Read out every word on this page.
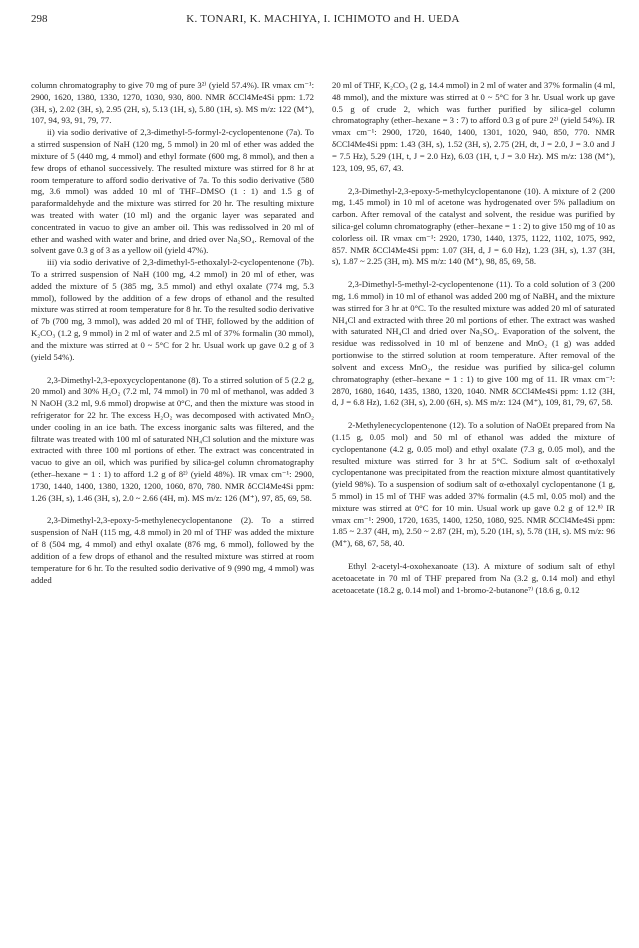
298	K. TONARI, K. MACHIYA, I. ICHIMOTO and H. UEDA

column chromatography to give 70 mg of pure 3²⁾ (yield 57.4%). IR νmax cm⁻¹: 2900, 1620, 1380, 1330, 1270, 1030, 930, 800. NMR δCCl4Me4Si ppm: 1.72 (3H, s), 2.02 (3H, s), 2.95 (2H, s), 5.13 (1H, s), 5.80 (1H, s). MS m/z: 122 (M⁺), 107, 94, 93, 91, 79, 77.

ii) via sodio derivative of 2,3-dimethyl-5-formyl-2-cyclopentenone (7a). To a stirred suspension of NaH (120 mg, 5 mmol) in 20 ml of ether was added the mixture of 5 (440 mg, 4 mmol) and ethyl formate (600 mg, 8 mmol), and then a few drops of ethanol successively. The resulted mixture was stirred for 8 hr at room temperature to afford sodio derivative of 7a. To this sodio derivative (580 mg, 3.6 mmol) was added 10 ml of THF–DMSO (1 : 1) and 1.5 g of paraformaldehyde and the mixture was stirred for 20 hr. The resulting mixture was treated with water (10 ml) and the organic layer was separated and concentrated in vacuo to give an amber oil. This was redissolved in 20 ml of ether and washed with water and brine, and dried over Na₂SO₄. Removal of the solvent gave 0.3 g of 3 as a yellow oil (yield 47%).

iii) via sodio derivative of 2,3-dimethyl-5-ethoxalyl-2-cyclopentenone (7b). To a strirred suspension of NaH (100 mg, 4.2 mmol) in 20 ml of ether, was added the mixture of 5 (385 mg, 3.5 mmol) and ethyl oxalate (774 mg, 5.3 mmol), followed by the addition of a few drops of ethanol and the resulted mixture was stirred at room temperature for 8 hr. To the resulted sodio derivative of 7b (700 mg, 3 mmol), was added 20 ml of THF, followed by the addition of K₂CO₃ (1.2 g, 9 mmol) in 2 ml of water and 2.5 ml of 37% formalin (30 mmol), and the mixture was stirred at 0 ~ 5°C for 2 hr. Usual work up gave 0.2 g of 3 (yield 54%).

2,3-Dimethyl-2,3-epoxycyclopentanone (8). To a stirred solution of 5 (2.2 g, 20 mmol) and 30% H₂O₂ (7.2 ml, 74 mmol) in 70 ml of methanol, was added 3 N NaOH (3.2 ml, 9.6 mmol) dropwise at 0°C, and then the mixture was stood in refrigerator for 22 hr. The excess H₂O₂ was decomposed with activated MnO₂ under cooling in an ice bath. The excess inorganic salts was filtered, and the filtrate was treated with 100 ml of saturated NH₄Cl solution and the mixture was extracted with three 100 ml portions of ether. The extract was concentrated in vacuo to give an oil, which was purified by silica-gel column chromatography (ether–hexane = 1 : 1) to afford 1.2 g of 8²⁾ (yield 48%). IR νmax cm⁻¹: 2900, 1730, 1440, 1400, 1380, 1320, 1200, 1060, 870, 780. NMR δCCl4Me4Si ppm: 1.26 (3H, s), 1.46 (3H, s), 2.0 ~ 2.66 (4H, m). MS m/z: 126 (M⁺), 97, 85, 69, 58.

2,3-Dimethyl-2,3-epoxy-5-methylenecyclopentanone (2). To a stirred suspension of NaH (115 mg, 4.8 mmol) in 20 ml of THF was added the mixture of 8 (504 mg, 4 mmol) and ethyl oxalate (876 mg, 6 mmol), followed by the addition of a few drops of ethanol and the resulted mixture was stirred at room temperature for 6 hr. To the resulted sodio derivative of 9 (990 mg, 4 mmol) was added

20 ml of THF, K₂CO₃ (2 g, 14.4 mmol) in 2 ml of water and 37% formalin (4 ml, 48 mmol), and the mixture was stirred at 0 ~ 5°C for 3 hr. Usual work up gave 0.5 g of crude 2, which was further purified by silica-gel column chromatography (ether–hexane = 3 : 7) to afford 0.3 g of pure 2²⁾ (yield 54%). IR νmax cm⁻¹: 2900, 1720, 1640, 1400, 1301, 1020, 940, 850, 770. NMR δCCl4Me4Si ppm: 1.43 (3H, s), 1.52 (3H, s), 2.75 (2H, dt, J = 2.0, J = 3.0 and J = 7.5 Hz), 5.29 (1H, t, J = 2.0 Hz), 6.03 (1H, t, J = 3.0 Hz). MS m/z: 138 (M⁺), 123, 109, 95, 67, 43.

2,3-Dimethyl-2,3-epoxy-5-methylcyclopentanone (10). A mixture of 2 (200 mg, 1.45 mmol) in 10 ml of acetone was hydrogenated over 5% palladium on carbon. After removal of the catalyst and solvent, the residue was purified by silica-gel column chromatography (ether–hexane = 1 : 2) to give 150 mg of 10 as colorless oil. IR νmax cm⁻¹: 2920, 1730, 1440, 1375, 1122, 1102, 1075, 992, 857. NMR δCCl4Me4Si ppm: 1.07 (3H, d, J = 6.0 Hz), 1.23 (3H, s), 1.37 (3H, s), 1.87 ~ 2.25 (3H, m). MS m/z: 140 (M⁺), 98, 85, 69, 58.

2,3-Dimethyl-5-methyl-2-cyclopentenone (11). To a cold solution of 3 (200 mg, 1.6 mmol) in 10 ml of ethanol was added 200 mg of NaBH₄ and the mixture was stirred for 3 hr at 0°C. To the resulted mixture was added 20 ml of saturated NH₄Cl and extracted with three 20 ml portions of ether. The extract was washed with saturated NH₄Cl and dried over Na₂SO₄. Evaporation of the solvent, the residue was redissolved in 10 ml of benzene and MnO₂ (1 g) was added portionwise to the stirred solution at room temperature. After removal of the solvent and excess MnO₂, the residue was purified by silica-gel column chromatography (ether–hexane = 1 : 1) to give 100 mg of 11. IR νmax cm⁻¹: 2870, 1680, 1640, 1435, 1380, 1320, 1040. NMR δCCl4Me4Si ppm: 1.12 (3H, d, J = 6.8 Hz), 1.62 (3H, s), 2.00 (6H, s). MS m/z: 124 (M⁺), 109, 81, 79, 67, 58.

2-Methylenecyclopentenone (12). To a solution of NaOEt prepared from Na (1.15 g, 0.05 mol) and 50 ml of ethanol was added the mixture of cyclopentanone (4.2 g, 0.05 mol) and ethyl oxalate (7.3 g, 0.05 mol), and the resulted mixture was stirred for 3 hr at 5°C. Sodium salt of α-ethoxalyl cyclopentanone was precipitated from the reaction mixture almost quantitatively (yield 98%). To a suspension of sodium salt of α-ethoxalyl cyclopentanone (1 g, 5 mmol) in 15 ml of THF was added 37% formalin (4.5 ml, 0.05 mol) and the mixture was stirred at 0°C for 10 min. Usual work up gave 0.2 g of 12.⁸⁾ IR νmax cm⁻¹: 2900, 1720, 1635, 1400, 1250, 1080, 925. NMR δCCl4Me4Si ppm: 1.85 ~ 2.37 (4H, m), 2.50 ~ 2.87 (2H, m), 5.20 (1H, s), 5.78 (1H, s). MS m/z: 96 (M⁺), 68, 67, 58, 40.

Ethyl 2-acetyl-4-oxohexanoate (13). A mixture of sodium salt of ethyl acetoacetate in 70 ml of THF prepared from Na (3.2 g, 0.14 mol) and ethyl acetoacetate (18.2 g, 0.14 mol) and 1-bromo-2-butanone⁷⁾ (18.6 g, 0.12
